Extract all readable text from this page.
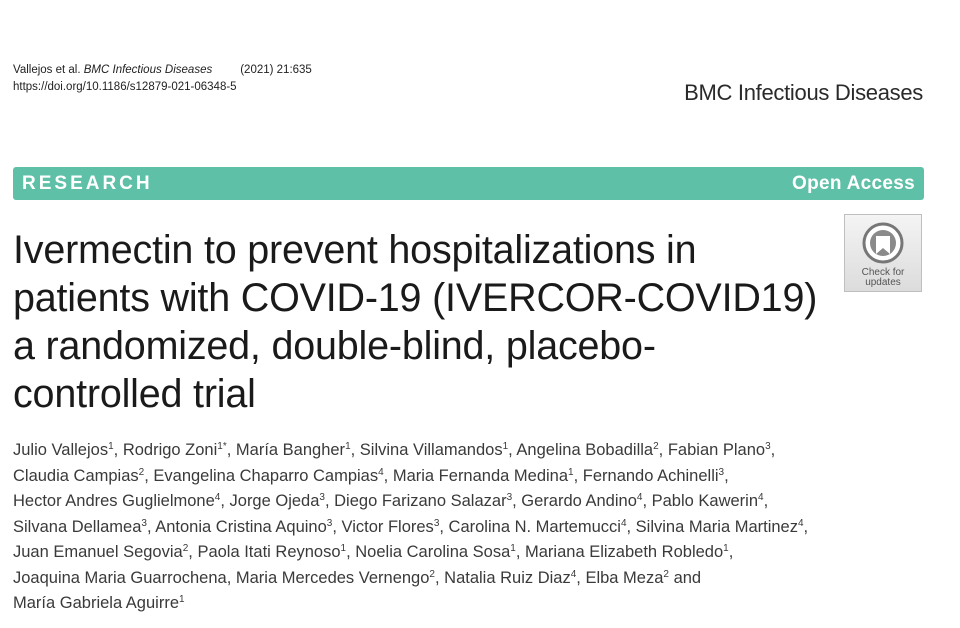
Vallejos et al. BMC Infectious Diseases (2021) 21:635
https://doi.org/10.1186/s12879-021-06348-5	BMC Infectious Diseases
RESEARCH	Open Access
Ivermectin to prevent hospitalizations in
patients with COVID-19 (IVERCOR-COVID19)
a randomized, double-blind, placebo-
controlled trial
Check for
updates
Julio Vallejos$^1$, Rodrigo Zoni$^{1*}$, María Bangher$^1$, Silvina Villamandos$^1$, Angelina Bobadilla$^2$, Fabian Plano$^3$,
Claudia Campias$^2$, Evangelina Chaparro Campias$^4$, Maria Fernanda Medina$^1$, Fernando Achinelli$^3$,
Hector Andres Guglielmone$^4$, Jorge Ojeda$^3$, Diego Farizano Salazar$^3$, Gerardo Andino$^4$, Pablo Kawerin$^4$,
Silvana Dellamea$^3$, Antonia Cristina Aquino$^3$, Victor Flores$^3$, Carolina N. Martemucci$^4$, Silvina Maria Martinez$^4$,
Juan Emanuel Segovia$^2$, Paola Itati Reynoso$^1$, Noelia Carolina Sosa$^1$, Mariana Elizabeth Robledo$^1$,
Joaquina Maria Guarrochena, Maria Mercedes Vernengo$^2$, Natalia Ruiz Diaz$^4$, Elba Meza$^2$ and
María Gabriela Aguirre$^1$
